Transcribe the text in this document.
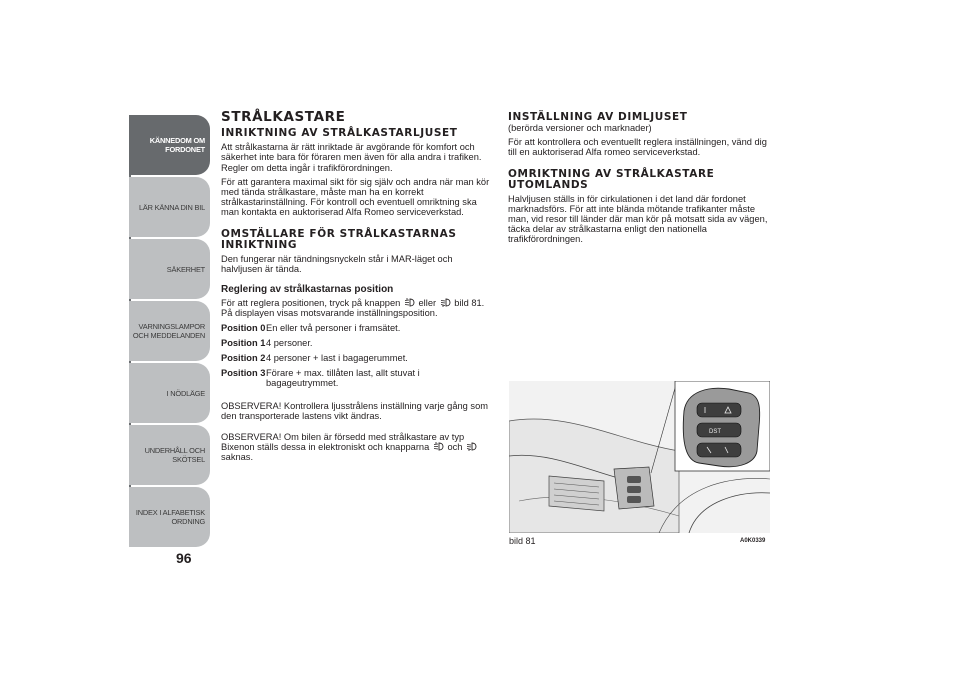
KÄNNEDOM OM
FORDONET
LÄR KÄNNA DIN BIL
SÄKERHET
VARNINGSLAMPOR
OCH MEDDELANDEN
I NÖDLÄGE
UNDERHÅLL OCH
SKÖTSEL
INDEX I ALFABETISK
ORDNING
96
STRÅLKASTARE
INRIKTNING AV STRÅLKASTARLJUSET
Att strålkastarna är rätt inriktade är avgörande för komfort och säkerhet inte bara för föraren men även för alla andra i trafiken. Regler om detta ingår i trafikförordningen.
För att garantera maximal sikt för sig själv och andra när man kör med tända strålkastare, måste man ha en korrekt strålkastarinställning. För kontroll och eventuell omriktning ska man kontakta en auktoriserad Alfa Romeo serviceverkstad.
OMSTÄLLARE FÖR STRÅLKASTARNAS INRIKTNING
Den fungerar när tändningsnyckeln står i MAR-läget och halvljusen är tända.
Reglering av strålkastarnas position
För att reglera positionen, tryck på knappen eller bild 81. På displayen visas motsvarande inställningsposition.
Position 0 En eller två personer i framsätet.
Position 1 4 personer.
Position 2 4 personer + last i bagagerummet.
Position 3 Förare + max. tillåten last, allt stuvat i bagageutrymmet.
OBSERVERA! Kontrollera ljusstrålens inställning varje gång som den transporterade lastens vikt ändras.
OBSERVERA! Om bilen är försedd med strålkastare av typ Bixenon ställs dessa in elektroniskt och knapparna och  saknas.
INSTÄLLNING AV DIMLJUSET
(berörda versioner och marknader)
För att kontrollera och eventuellt reglera inställningen, vänd dig till en auktoriserad Alfa romeo serviceverkstad.
OMRIKTNING AV STRÅLKASTARE UTOMLANDS
Halvljusen ställs in för cirkulationen i det land där fordonet marknadsförs. För att inte blända mötande trafikanter måste man, vid resor till länder där man kör på motsatt sida av vägen, täcka delar av strålkastarna enligt den nationella trafikförordningen.
DST
bild 81	A0K0339
